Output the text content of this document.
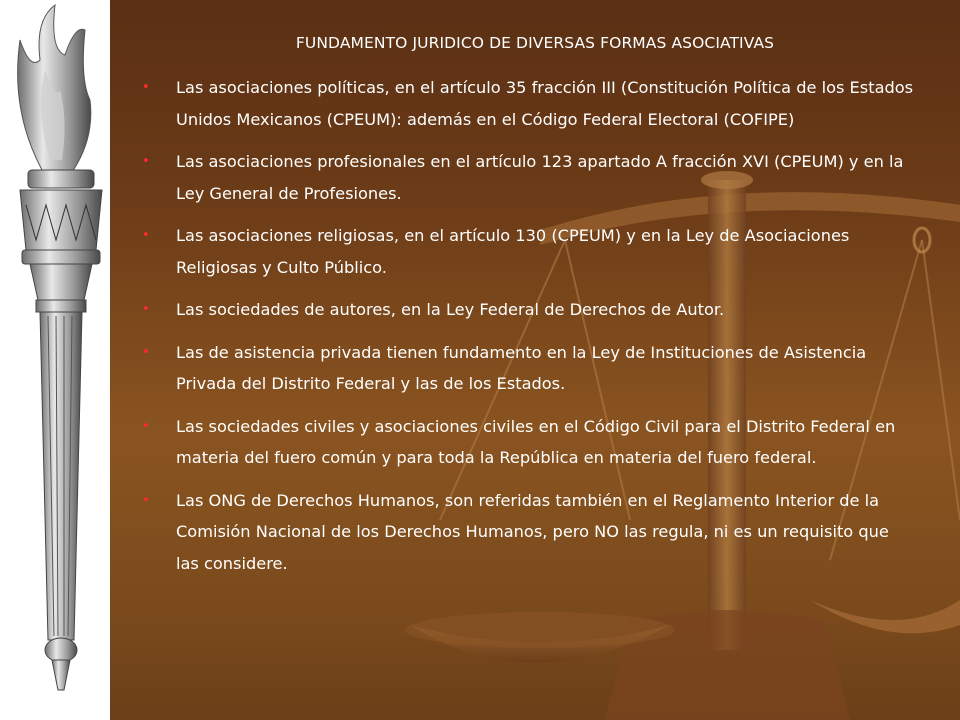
FUNDAMENTO JURIDICO DE DIVERSAS FORMAS ASOCIATIVAS
• Las asociaciones políticas, en el artículo 35 fracción III (Constitución Política de los Estados Unidos Mexicanos (CPEUM): además en el Código Federal Electoral (COFIPE)
• Las asociaciones profesionales en el artículo 123 apartado A fracción XVI (CPEUM) y en la Ley General de Profesiones.
• Las asociaciones religiosas, en el artículo 130 (CPEUM) y en la Ley de Asociaciones Religiosas y Culto Público.
• Las sociedades de autores, en la Ley Federal de Derechos de Autor.
• Las de asistencia privada tienen fundamento en la Ley de Instituciones de Asistencia Privada del Distrito Federal y las de los Estados.
• Las sociedades civiles y asociaciones civiles en el Código Civil para el Distrito Federal en materia del fuero común y para toda la República en materia del fuero federal.
• Las ONG de Derechos Humanos, son referidas también en el Reglamento Interior de la Comisión Nacional de los Derechos Humanos, pero NO las regula, ni es un requisito que las considere.
